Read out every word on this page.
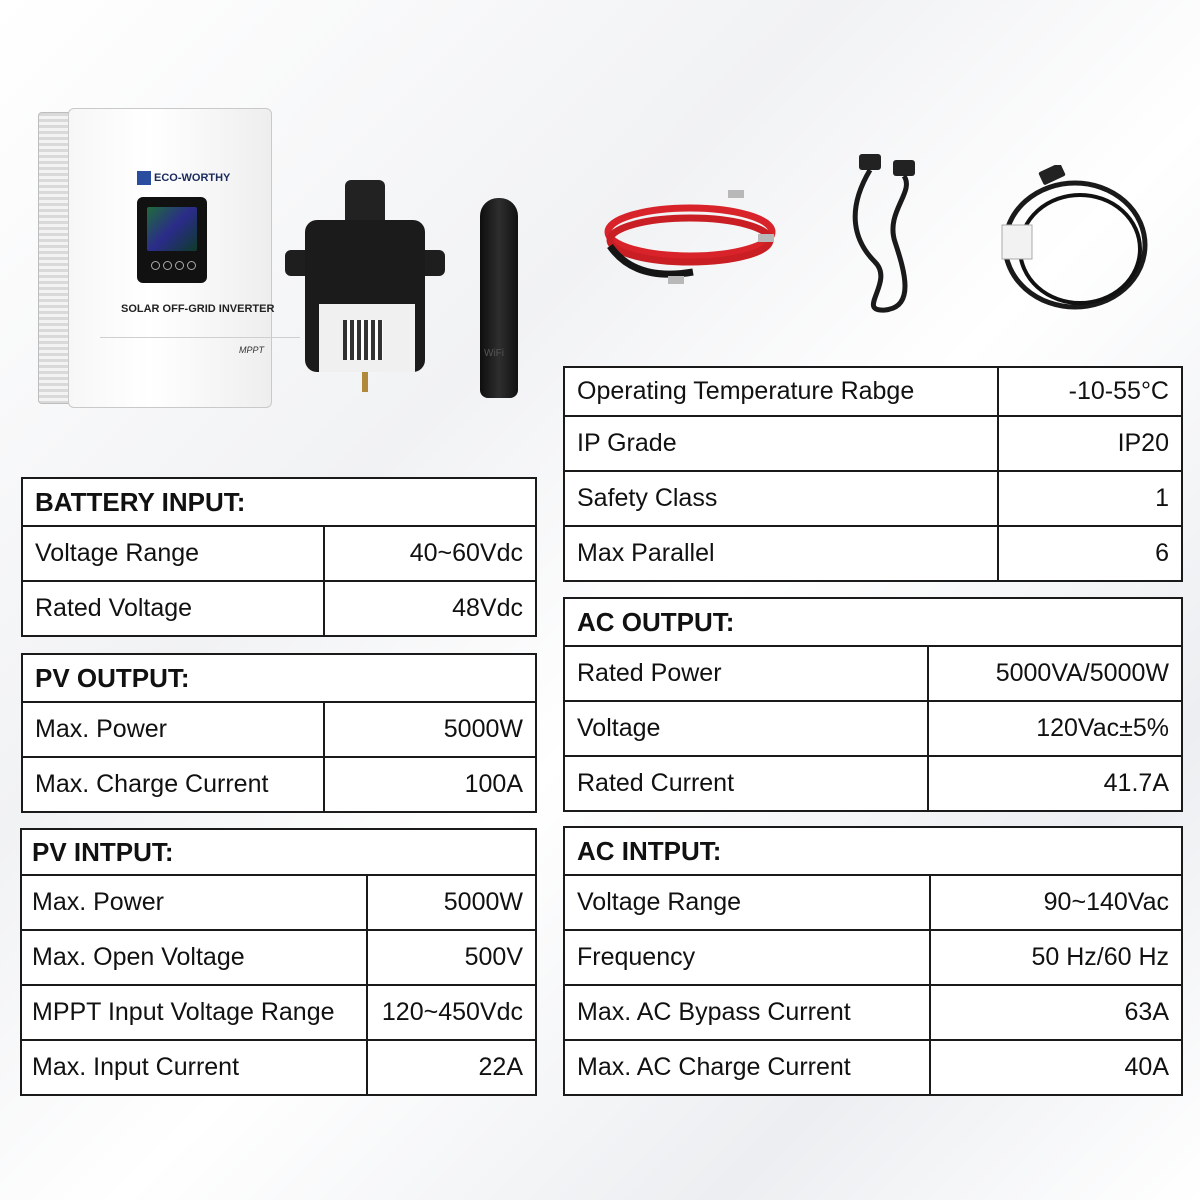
ECO-WORTHY
SOLAR OFF-GRID INVERTER
MPPT	WiFi
BATTERY INPUT:	
Voltage Range	40~60Vdc
Rated Voltage	48Vdc
PV OUTPUT:	
Max. Power	5000W
Max. Charge Current	100A
PV INTPUT:	
Max. Power	5000W
Max. Open Voltage	500V
MPPT Input Voltage Range	120~450Vdc
Max. Input Current	22A
Operating Temperature Rabge	-10-55°C
IP Grade	IP20
Safety Class	1
Max Parallel	6
AC OUTPUT:	
Rated Power	5000VA/5000W
Voltage	120Vac±5%
Rated Current	41.7A
AC INTPUT:	
Voltage Range	90~140Vac
Frequency	50 Hz/60 Hz
Max. AC Bypass Current	63A
Max. AC Charge Current	40A
